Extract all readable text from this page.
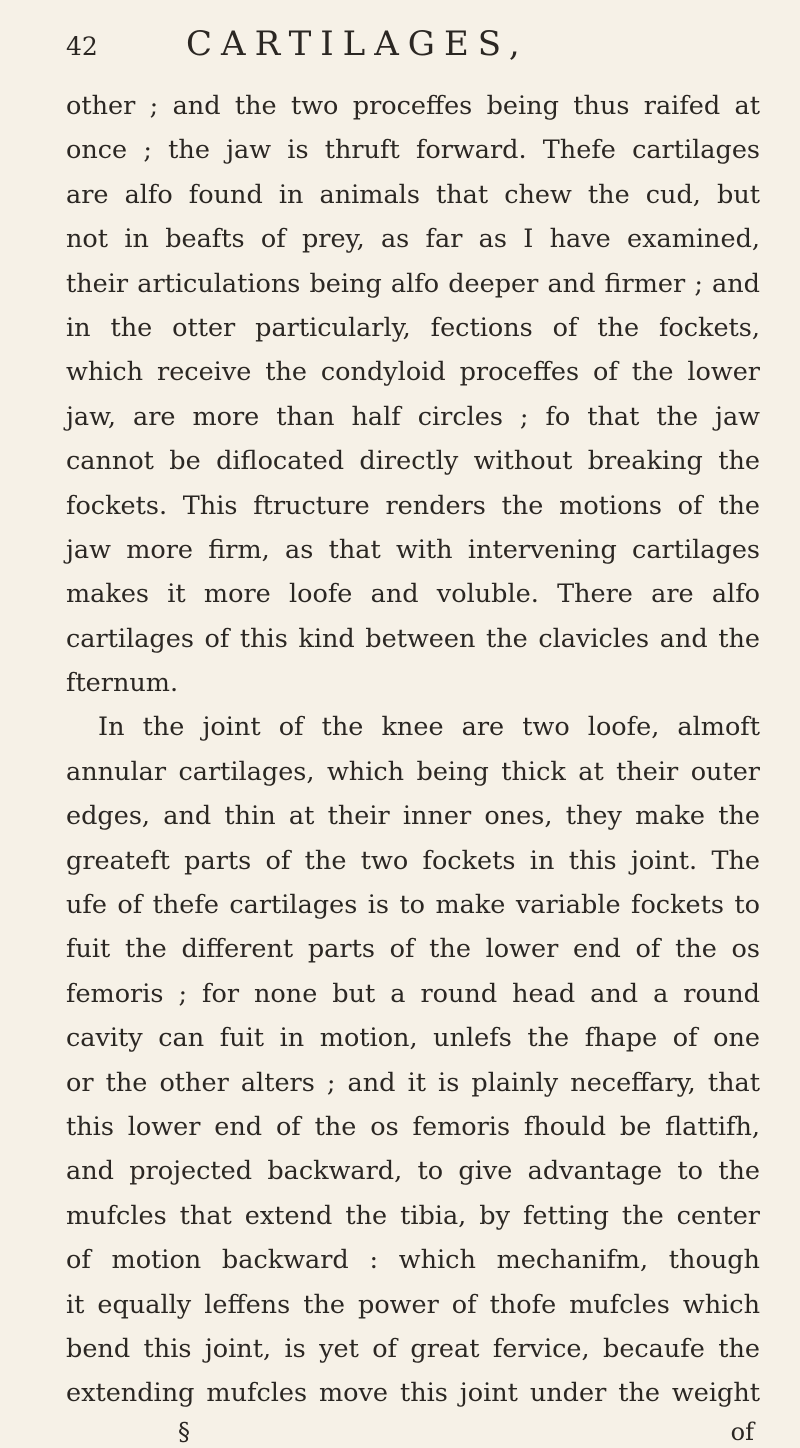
42	CARTILAGES,
other ; and the two proceffes being thus raifed at
once ; the jaw is thruft forward. Thefe cartilages
are alfo found in animals that chew the cud, but
not in beafts of prey, as far as I have examined,
their articulations being alfo deeper and firmer ; and
in the otter particularly, fections of the fockets,
which receive the condyloid proceffes of the lower
jaw, are more than half circles ; fo that the jaw
cannot be diflocated directly without breaking the
fockets. This ftructure renders the motions of the
jaw more firm, as that with intervening cartilages
makes it more loofe and voluble. There are alfo
cartilages of this kind between the clavicles and the
fternum.
In the joint of the knee are two loofe, almoft
annular cartilages, which being thick at their outer
edges, and thin at their inner ones, they make the
greateft parts of the two fockets in this joint. The
ufe of thefe cartilages is to make variable fockets to
fuit the different parts of the lower end of the os
femoris ; for none but a round head and a round
cavity can fuit in motion, unlefs the fhape of one
or the other alters ; and it is plainly neceffary, that
this lower end of the os femoris fhould be flattifh,
and projected backward, to give advantage to the
mufcles that extend the tibia, by fetting the center
of motion backward : which mechanifm, though
it equally leffens the power of thofe mufcles which
bend this joint, is yet of great fervice, becaufe the
extending mufcles move this joint under the weight
§	of
